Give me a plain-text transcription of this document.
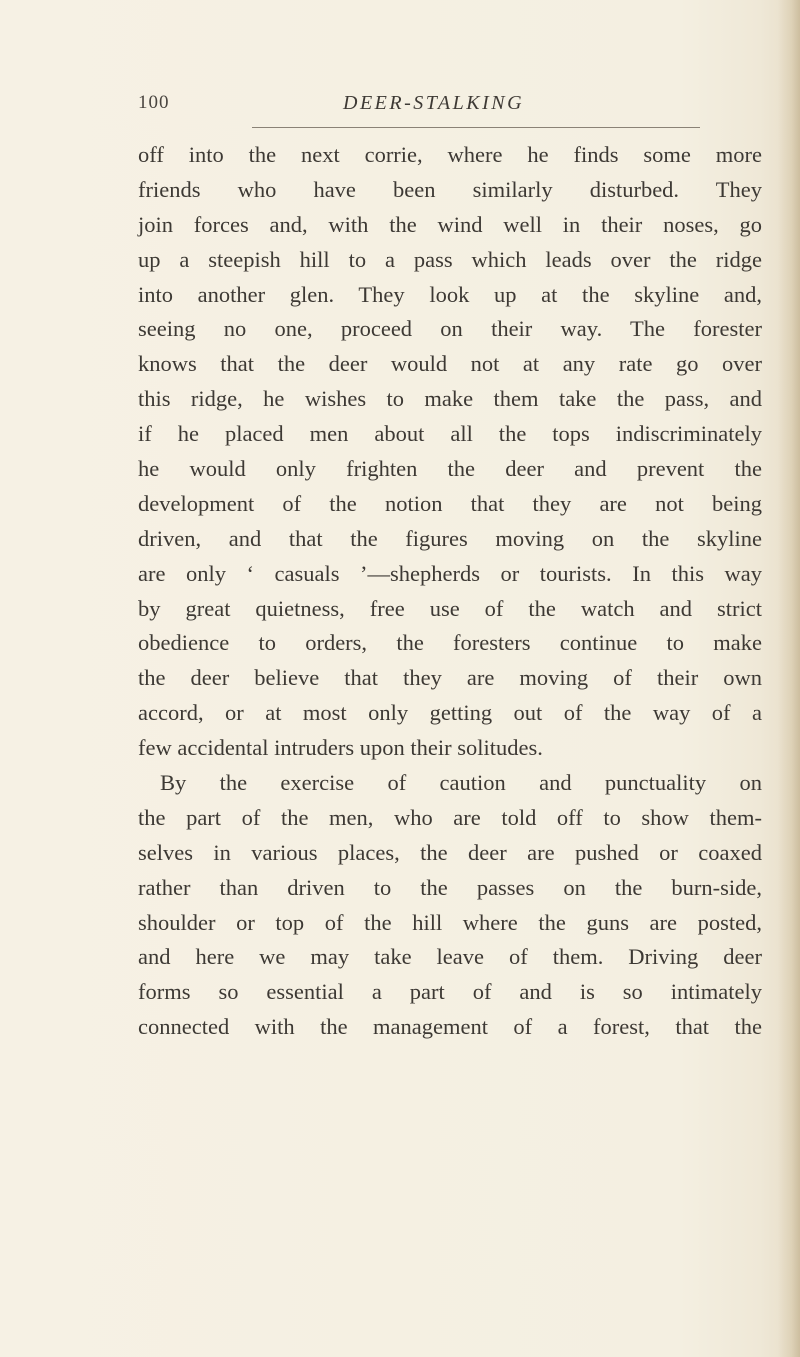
100	DEER-STALKING
off into the next corrie, where he finds some more
friends who have been similarly disturbed. They
join forces and, with the wind well in their noses, go
up a steepish hill to a pass which leads over the ridge
into another glen. They look up at the skyline and,
seeing no one, proceed on their way. The forester
knows that the deer would not at any rate go over
this ridge, he wishes to make them take the pass, and
if he placed men about all the tops indiscriminately
he would only frighten the deer and prevent the
development of the notion that they are not being
driven, and that the figures moving on the skyline
are only ‘ casuals ’—shepherds or tourists. In this way
by great quietness, free use of the watch and strict
obedience to orders, the foresters continue to make
the deer believe that they are moving of their own
accord, or at most only getting out of the way of a
few accidental intruders upon their solitudes.
By the exercise of caution and punctuality on
the part of the men, who are told off to show them-
selves in various places, the deer are pushed or coaxed
rather than driven to the passes on the burn-side,
shoulder or top of the hill where the guns are posted,
and here we may take leave of them. Driving deer
forms so essential a part of and is so intimately
connected with the management of a forest, that the
